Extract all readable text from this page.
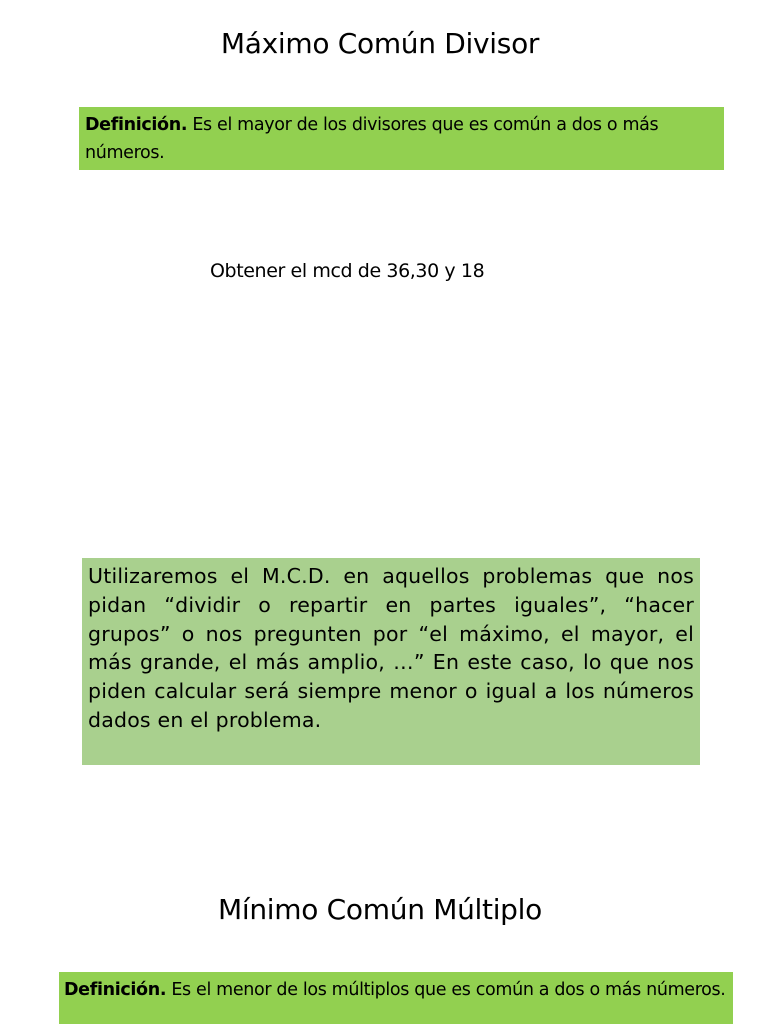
Máximo Común Divisor
Definición. Es el mayor de los divisores que es común a dos o más números.
Obtener el mcd de 36,30 y 18
Utilizaremos el M.C.D. en aquellos problemas que nos pidan “dividir o repartir en partes iguales”, “hacer grupos” o nos pregunten por “el máximo, el mayor, el más grande, el más amplio, …” En este caso, lo que nos piden calcular será siempre menor o igual a los números dados en el problema.
Mínimo Común Múltiplo
Definición. Es el menor de los múltiplos que es común a dos o más números.
